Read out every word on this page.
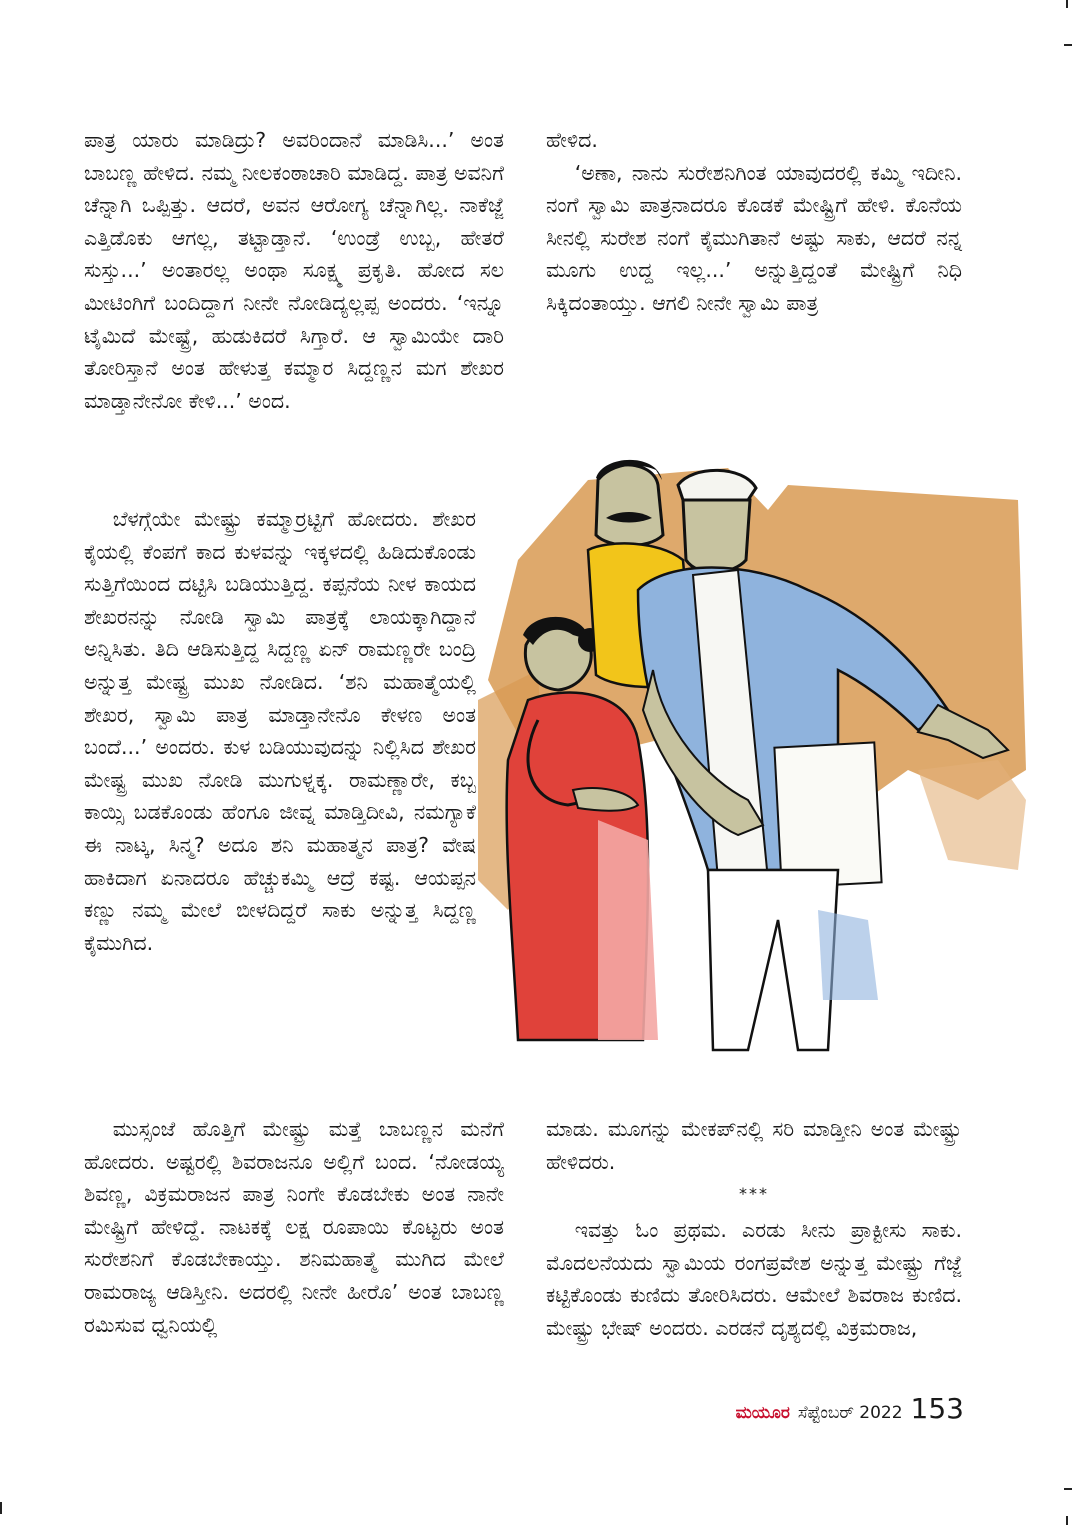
ಪಾತ್ರ ಯಾರು ಮಾಡಿದ್ರು? ಅವರಿಂದಾನೆ ಮಾಡಿಸಿ...’ ಅಂತ ಬಾಬಣ್ಣ ಹೇಳಿದ. ನಮ್ಮ ನೀಲಕಂಠಾಚಾರಿ ಮಾಡಿದ್ದ. ಪಾತ್ರ ಅವನಿಗೆ ಚೆನ್ನಾಗಿ ಒಪ್ಪಿತ್ತು. ಆದರೆ, ಅವನ ಆರೋಗ್ಯ ಚೆನ್ನಾಗಿಲ್ಲ. ನಾಕೆಜ್ಜೆ ಎತ್ತಿಡೊಕು ಆಗಲ್ಲ, ತಟ್ಟಾಡ್ತಾನೆ. ‘ಉಂಡ್ರೆ ಉಬ್ಬ, ಹೇತರೆ ಸುಸ್ತು...’ ಅಂತಾರಲ್ಲ ಅಂಥಾ ಸೂಕ್ಷ್ಮ ಪ್ರಕೃತಿ. ಹೋದ ಸಲ ಮೀಟಿಂಗಿಗೆ ಬಂದಿದ್ದಾಗ ನೀನೇ ನೋಡಿದ್ಯಲ್ಲಪ್ಪ ಅಂದರು. ‘ಇನ್ನೂ ಟೈಮಿದೆ ಮೇಷ್ಟ್ರೆ, ಹುಡುಕಿದರೆ ಸಿಗ್ತಾರೆ. ಆ ಸ್ವಾಮಿಯೇ ದಾರಿ ತೋರಿಸ್ತಾನೆ ಅಂತ ಹೇಳುತ್ತ ಕಮ್ಮಾರ ಸಿದ್ದಣ್ಣನ ಮಗ ಶೇಖರ ಮಾಡ್ತಾನೇನೋ ಕೇಳಿ...’ ಅಂದ.

ಬೆಳಗ್ಗೆಯೇ ಮೇಷ್ಟ್ರು ಕಮ್ಮಾರ್ರಟ್ಟಿಗೆ ಹೋದರು. ಶೇಖರ ಕೈಯಲ್ಲಿ ಕೆಂಪಗೆ ಕಾದ ಕುಳವನ್ನು ಇಕ್ಕಳದಲ್ಲಿ ಹಿಡಿದುಕೊಂಡು ಸುತ್ತಿಗೆಯಿಂದ ದಟ್ಟಿಸಿ ಬಡಿಯುತ್ತಿದ್ದ. ಕಪ್ಪನೆಯ ನೀಳ ಕಾಯದ ಶೇಖರನನ್ನು ನೋಡಿ ಸ್ವಾಮಿ ಪಾತ್ರಕ್ಕೆ ಲಾಯಕ್ಕಾಗಿದ್ದಾನೆ ಅನ್ನಿಸಿತು. ತಿದಿ ಆಡಿಸುತ್ತಿದ್ದ ಸಿದ್ದಣ್ಣ ಏನ್ ರಾಮಣ್ಣರೇ ಬಂದ್ರಿ ಅನ್ನುತ್ತ ಮೇಷ್ಟ್ರ ಮುಖ ನೋಡಿದ. ‘ಶನಿ ಮಹಾತ್ಮೆಯಲ್ಲಿ ಶೇಖರ, ಸ್ವಾಮಿ ಪಾತ್ರ ಮಾಡ್ತಾನೇನೊ ಕೇಳಣ ಅಂತ ಬಂದೆ...’ ಅಂದರು. ಕುಳ ಬಡಿಯುವುದನ್ನು ನಿಲ್ಲಿಸಿದ ಶೇಖರ ಮೇಷ್ಟ್ರ ಮುಖ ನೋಡಿ ಮುಗುಳ್ನಕ್ಕ. ರಾಮಣ್ಣಾರೇ, ಕಬ್ಬ ಕಾಯ್ಸಿ ಬಡಕೊಂಡು ಹೆಂಗೂ ಜೀವ್ನ ಮಾಡ್ತಿದೀವಿ, ನಮಗ್ಯಾಕೆ ಈ ನಾಟ್ಕ, ಸಿನ್ಮ? ಅದೂ ಶನಿ ಮಹಾತ್ಮನ ಪಾತ್ರ? ವೇಷ ಹಾಕಿದಾಗ ಏನಾದರೂ ಹೆಚ್ಚುಕಮ್ಮಿ ಆದ್ರೆ ಕಷ್ಟ. ಆಯಪ್ಪನ ಕಣ್ಣು ನಮ್ಮ ಮೇಲೆ ಬೀಳದಿದ್ದರೆ ಸಾಕು ಅನ್ನುತ್ತ ಸಿದ್ದಣ್ಣ ಕೈಮುಗಿದ.

ಮುಸ್ಸಂಜೆ ಹೊತ್ತಿಗೆ ಮೇಷ್ಟ್ರು ಮತ್ತೆ ಬಾಬಣ್ಣನ ಮನೆಗೆ ಹೋದರು. ಅಷ್ಟರಲ್ಲಿ ಶಿವರಾಜನೂ ಅಲ್ಲಿಗೆ ಬಂದ. ‘ನೋಡಯ್ಯ ಶಿವಣ್ಣ, ವಿಕ್ರಮರಾಜನ ಪಾತ್ರ ನಿಂಗೇ ಕೊಡಬೇಕು ಅಂತ ನಾನೇ ಮೇಷ್ಟ್ರಿಗೆ ಹೇಳಿದ್ದೆ. ನಾಟಕಕ್ಕೆ ಲಕ್ಷ ರೂಪಾಯಿ ಕೊಟ್ಟರು ಅಂತ ಸುರೇಶನಿಗೆ ಕೊಡಬೇಕಾಯ್ತು. ಶನಿಮಹಾತ್ಮೆ ಮುಗಿದ ಮೇಲೆ ರಾಮರಾಜ್ಯ ಆಡಿಸ್ತೀನಿ. ಅದರಲ್ಲಿ ನೀನೇ ಹೀರೊ’ ಅಂತ ಬಾಬಣ್ಣ ರಮಿಸುವ ಧ್ವನಿಯಲ್ಲಿ

ಹೇಳಿದ.

‘ಅಣಾ, ನಾನು ಸುರೇಶನಿಗಿಂತ ಯಾವುದರಲ್ಲಿ ಕಮ್ಮಿ ಇದೀನಿ. ನಂಗೆ ಸ್ವಾಮಿ ಪಾತ್ರನಾದರೂ ಕೊಡಕೆ ಮೇಷ್ಟ್ರಿಗೆ ಹೇಳಿ. ಕೊನೆಯ ಸೀನಲ್ಲಿ ಸುರೇಶ ನಂಗೆ ಕೈಮುಗಿತಾನೆ ಅಷ್ಟು ಸಾಕು, ಆದರೆ ನನ್ನ ಮೂಗು ಉದ್ದ ಇಲ್ಲ...’ ಅನ್ನುತ್ತಿದ್ದಂತೆ ಮೇಷ್ಟ್ರಿಗೆ ನಿಧಿ ಸಿಕ್ಕಿದಂತಾಯ್ತು. ಆಗಲಿ ನೀನೇ ಸ್ವಾಮಿ ಪಾತ್ರ

ಮಾಡು. ಮೂಗನ್ನು ಮೇಕಪ್‌ನಲ್ಲಿ ಸರಿ ಮಾಡ್ತೀನಿ ಅಂತ ಮೇಷ್ಟ್ರು ಹೇಳಿದರು.

***

ಇವತ್ತು ಓಂ ಪ್ರಥಮ. ಎರಡು ಸೀನು ಪ್ರಾಕ್ಟೀಸು ಸಾಕು. ಮೊದಲನೆಯದು ಸ್ವಾಮಿಯ ರಂಗಪ್ರವೇಶ ಅನ್ನುತ್ತ ಮೇಷ್ಟ್ರು ಗೆಜ್ಜೆ ಕಟ್ಟಿಕೊಂಡು ಕುಣಿದು ತೋರಿಸಿದರು. ಆಮೇಲೆ ಶಿವರಾಜ ಕುಣಿದ. ಮೇಷ್ಟ್ರು ಭೇಷ್ ಅಂದರು. ಎರಡನೆ ದೃಶ್ಯದಲ್ಲಿ ವಿಕ್ರಮರಾಜ,

ಮಯೂರ ಸೆಪ್ಟೆಂಬರ್ 2022 153
